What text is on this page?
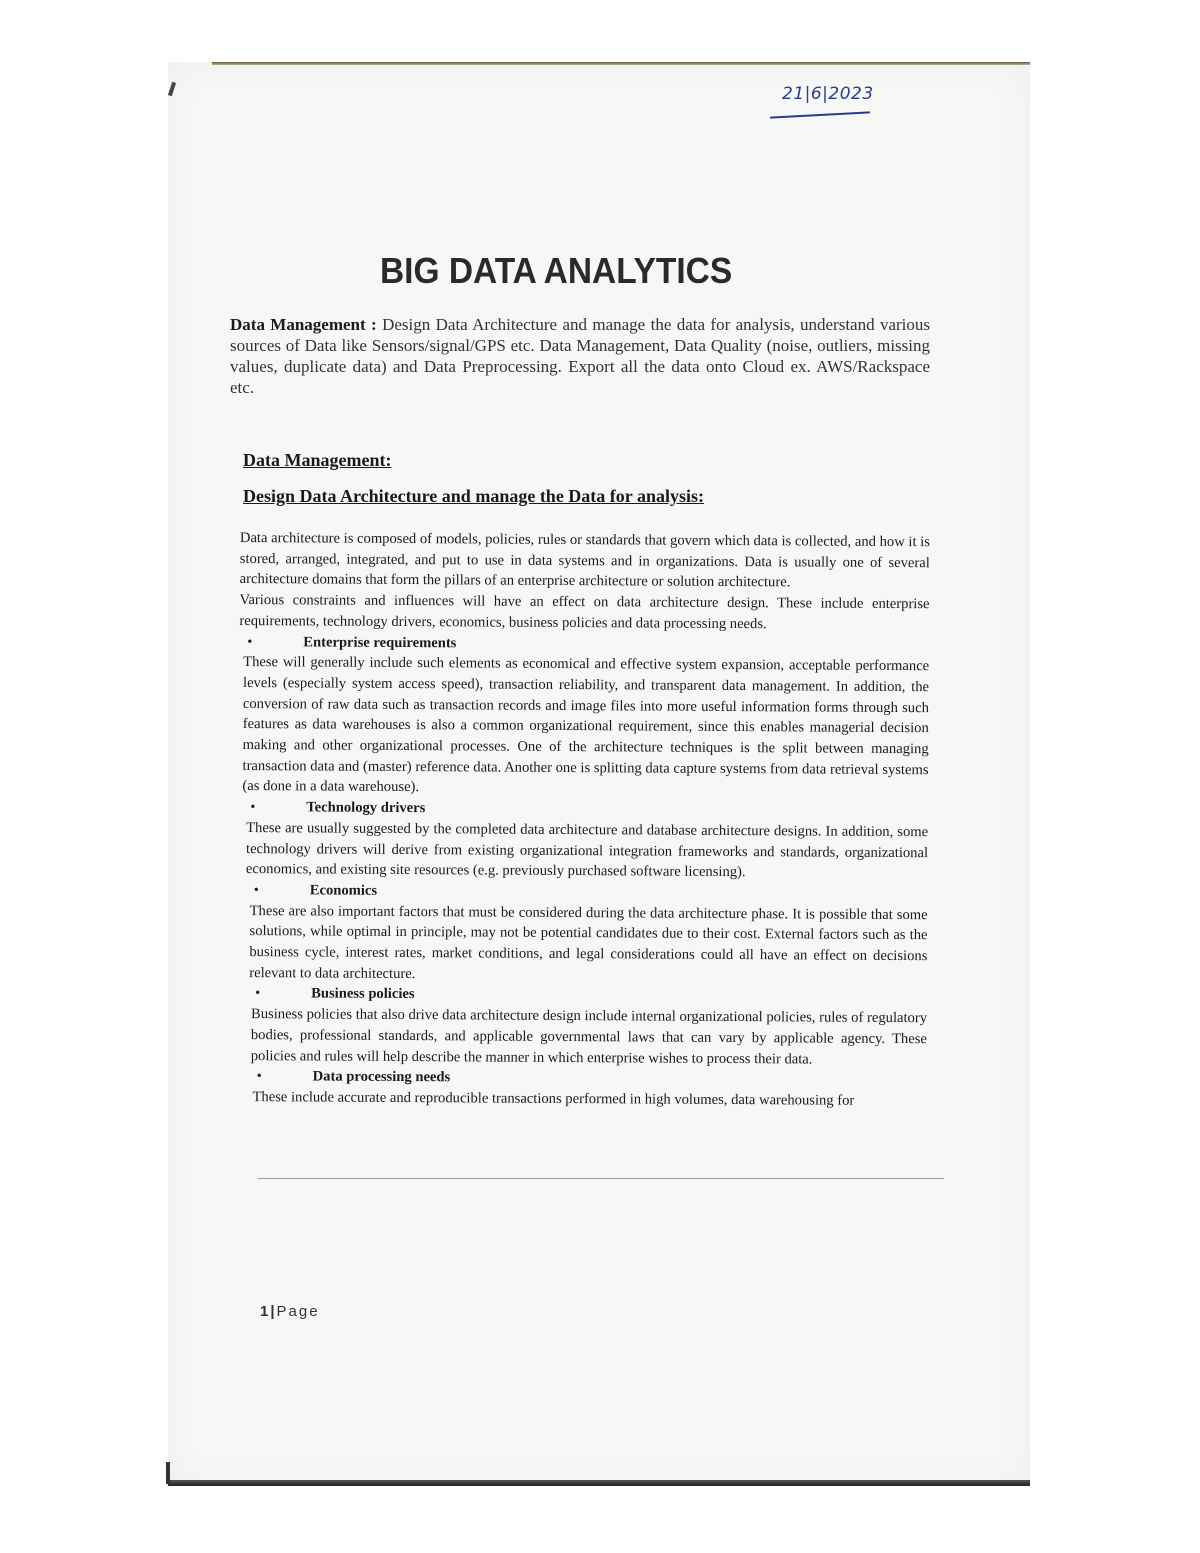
21|6|2023
BIG DATA ANALYTICS
Data Management : Design Data Architecture and manage the data for analysis, understand various sources of Data like Sensors/signal/GPS etc. Data Management, Data Quality (noise, outliers, missing values, duplicate data) and Data Preprocessing. Export all the data onto Cloud ex. AWS/Rackspace etc.
Data Management:
Design Data Architecture and manage the Data for analysis:

Data architecture is composed of models, policies, rules or standards that govern which data is collected, and how it is stored, arranged, integrated, and put to use in data systems and in organizations. Data is usually one of several architecture domains that form the pillars of an enterprise architecture or solution architecture.

Various constraints and influences will have an effect on data architecture design. These include enterprise requirements, technology drivers, economics, business policies and data processing needs.

•	Enterprise requirements

These will generally include such elements as economical and effective system expansion, acceptable performance levels (especially system access speed), transaction reliability, and transparent data management. In addition, the conversion of raw data such as transaction records and image files into more useful information forms through such features as data warehouses is also a common organizational requirement, since this enables managerial decision making and other organizational processes. One of the architecture techniques is the split between managing transaction data and (master) reference data. Another one is splitting data capture systems from data retrieval systems (as done in a data warehouse).

•	Technology drivers

These are usually suggested by the completed data architecture and database architecture designs. In addition, some technology drivers will derive from existing organizational integration frameworks and standards, organizational economics, and existing site resources (e.g. previously purchased software licensing).

•	Economics

These are also important factors that must be considered during the data architecture phase. It is possible that some solutions, while optimal in principle, may not be potential candidates due to their cost. External factors such as the business cycle, interest rates, market conditions, and legal considerations could all have an effect on decisions relevant to data architecture.

•	Business policies

Business policies that also drive data architecture design include internal organizational policies, rules of regulatory bodies, professional standards, and applicable governmental laws that can vary by applicable agency. These policies and rules will help describe the manner in which enterprise wishes to process their data.

•	Data processing needs

These include accurate and reproducible transactions performed in high volumes, data warehousing for

1|Page
